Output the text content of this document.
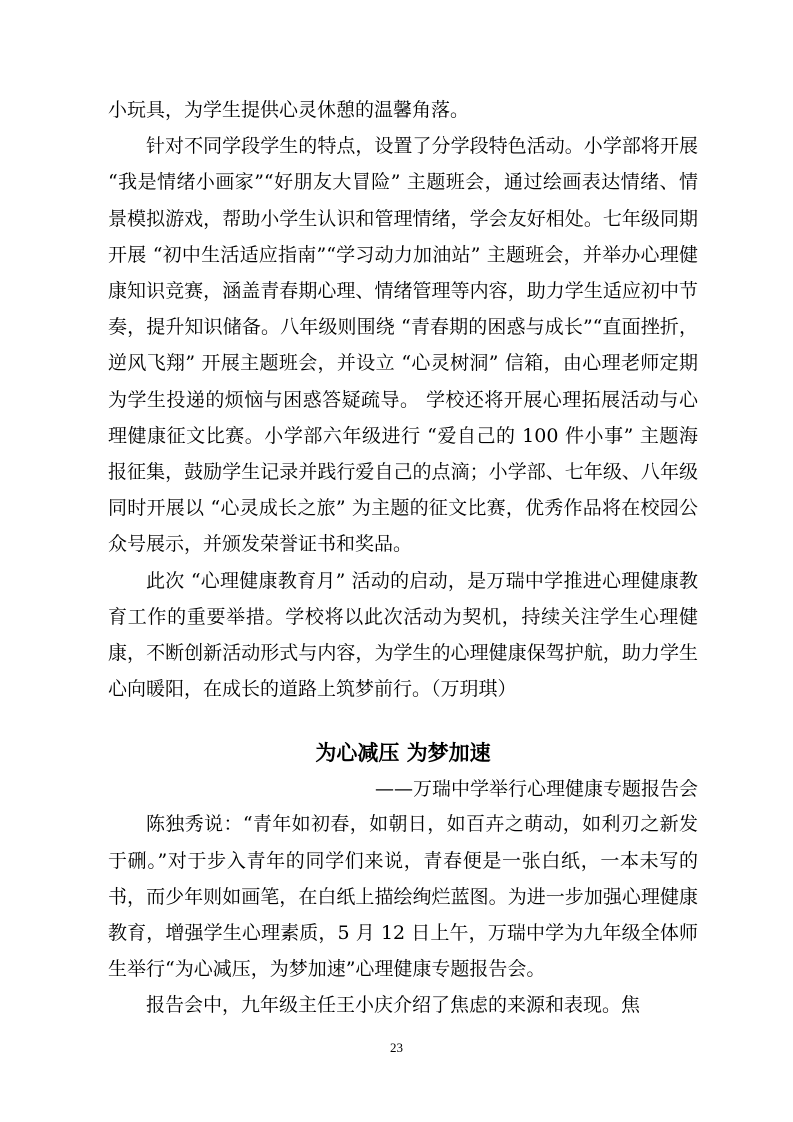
小玩具，为学生提供心灵休憩的温馨角落。

针对不同学段学生的特点，设置了分学段特色活动。小学部将开展 “我是情绪小画家”“好朋友大冒险” 主题班会，通过绘画表达情绪、情景模拟游戏，帮助小学生认识和管理情绪，学会友好相处。七年级同期开展 “初中生活适应指南”“学习动力加油站” 主题班会，并举办心理健康知识竞赛，涵盖青春期心理、情绪管理等内容，助力学生适应初中节奏，提升知识储备。八年级则围绕 “青春期的困惑与成长”“直面挫折，逆风飞翔” 开展主题班会，并设立 “心灵树洞” 信箱，由心理老师定期为学生投递的烦恼与困惑答疑疏导。 学校还将开展心理拓展活动与心理健康征文比赛。小学部六年级进行 “爱自己的 100 件小事” 主题海报征集，鼓励学生记录并践行爱自己的点滴；小学部、七年级、八年级同时开展以 “心灵成长之旅” 为主题的征文比赛，优秀作品将在校园公众号展示，并颁发荣誉证书和奖品。

此次 “心理健康教育月” 活动的启动，是万瑞中学推进心理健康教育工作的重要举措。学校将以此次活动为契机，持续关注学生心理健康，不断创新活动形式与内容，为学生的心理健康保驾护航，助力学生心向暖阳，在成长的道路上筑梦前行。（万玥琪）

为心减压 为梦加速

——万瑞中学举行心理健康专题报告会

陈独秀说：“青年如初春，如朝日，如百卉之萌动，如利刃之新发于硎。”对于步入青年的同学们来说，青春便是一张白纸，一本未写的书，而少年则如画笔，在白纸上描绘绚烂蓝图。为进一步加强心理健康教育，增强学生心理素质，5 月 12 日上午，万瑞中学为九年级全体师生举行“为心减压，为梦加速”心理健康专题报告会。

报告会中，九年级主任王小庆介绍了焦虑的来源和表现。焦

23
